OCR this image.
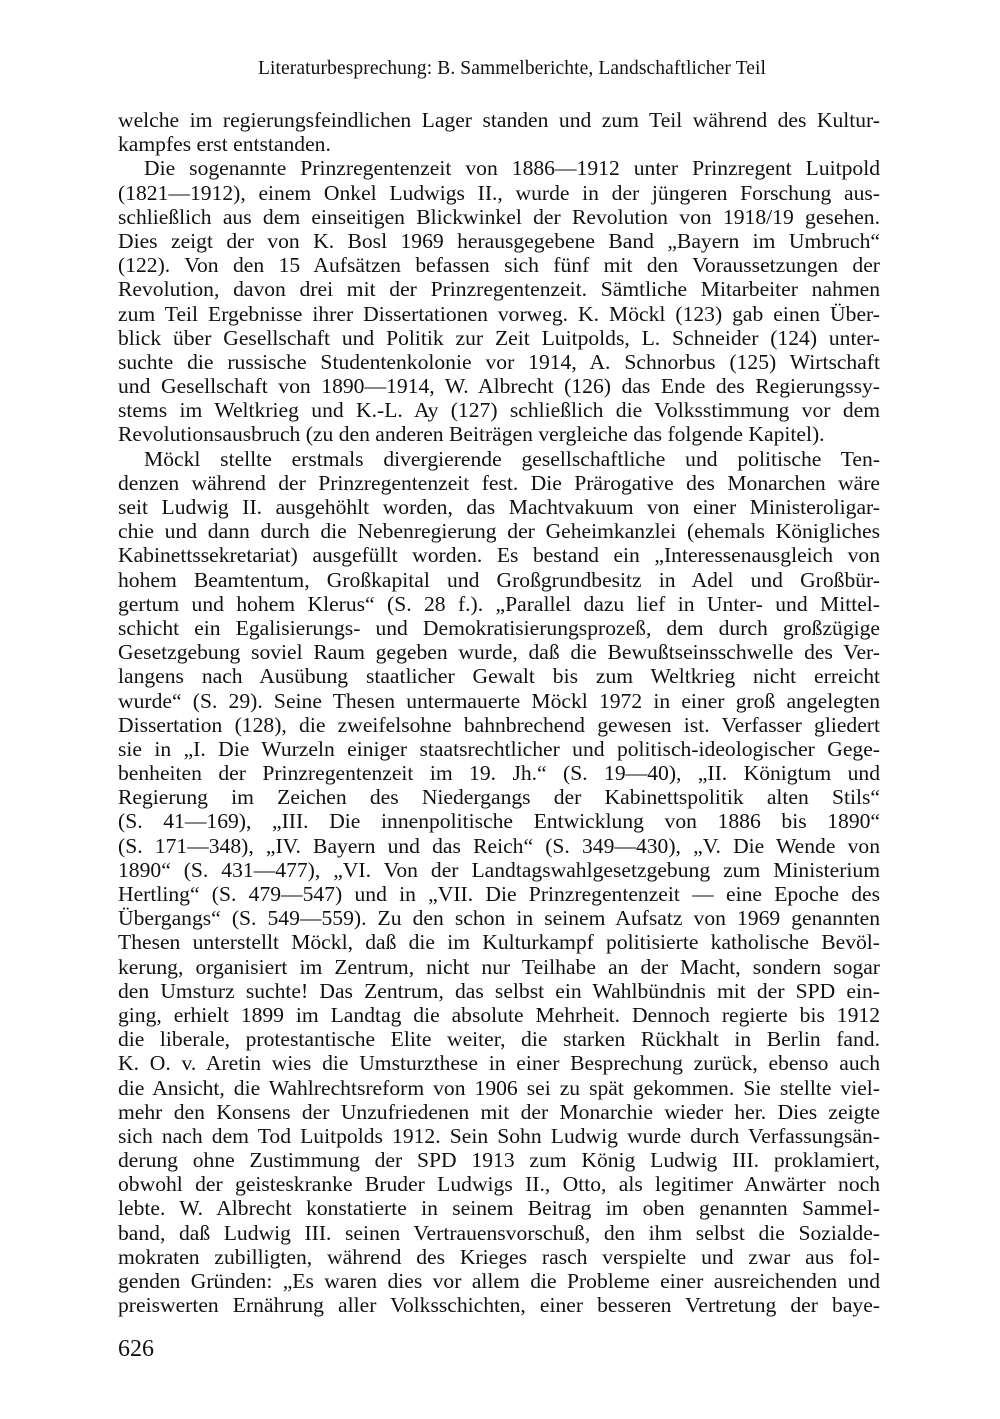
Literaturbesprechung: B. Sammelberichte, Landschaftlicher Teil
welche im regierungsfeindlichen Lager standen und zum Teil während des Kultur-
kampfes erst entstanden.
Die sogenannte Prinzregentenzeit von 1886—1912 unter Prinzregent Luitpold
(1821—1912), einem Onkel Ludwigs II., wurde in der jüngeren Forschung aus-
schließlich aus dem einseitigen Blickwinkel der Revolution von 1918/19 gesehen.
Dies zeigt der von K. Bosl 1969 herausgegebene Band „Bayern im Umbruch“
(122). Von den 15 Aufsätzen befassen sich fünf mit den Voraussetzungen der
Revolution, davon drei mit der Prinzregentenzeit. Sämtliche Mitarbeiter nahmen
zum Teil Ergebnisse ihrer Dissertationen vorweg. K. Möckl (123) gab einen Über-
blick über Gesellschaft und Politik zur Zeit Luitpolds, L. Schneider (124) unter-
suchte die russische Studentenkolonie vor 1914, A. Schnorbus (125) Wirtschaft
und Gesellschaft von 1890—1914, W. Albrecht (126) das Ende des Regierungssy-
stems im Weltkrieg und K.-L. Ay (127) schließlich die Volksstimmung vor dem
Revolutionsausbruch (zu den anderen Beiträgen vergleiche das folgende Kapitel).
Möckl stellte erstmals divergierende gesellschaftliche und politische Ten-
denzen während der Prinzregentenzeit fest. Die Prärogative des Monarchen wäre
seit Ludwig II. ausgehöhlt worden, das Machtvakuum von einer Ministeroligar-
chie und dann durch die Nebenregierung der Geheimkanzlei (ehemals Königliches
Kabinettssekretariat) ausgefüllt worden. Es bestand ein „Interessenausgleich von
hohem Beamtentum, Großkapital und Großgrundbesitz in Adel und Großbür-
gertum und hohem Klerus“ (S. 28 f.). „Parallel dazu lief in Unter- und Mittel-
schicht ein Egalisierungs- und Demokratisierungsprozeß, dem durch großzügige
Gesetzgebung soviel Raum gegeben wurde, daß die Bewußtseinsschwelle des Ver-
langens nach Ausübung staatlicher Gewalt bis zum Weltkrieg nicht erreicht
wurde“ (S. 29). Seine Thesen untermauerte Möckl 1972 in einer groß angelegten
Dissertation (128), die zweifelsohne bahnbrechend gewesen ist. Verfasser gliedert
sie in „I. Die Wurzeln einiger staatsrechtlicher und politisch-ideologischer Gege-
benheiten der Prinzregentenzeit im 19. Jh.“ (S. 19—40), „II. Königtum und
Regierung im Zeichen des Niedergangs der Kabinettspolitik alten Stils“
(S. 41—169), „III. Die innenpolitische Entwicklung von 1886 bis 1890“
(S. 171—348), „IV. Bayern und das Reich“ (S. 349—430), „V. Die Wende von
1890“ (S. 431—477), „VI. Von der Landtagswahlgesetzgebung zum Ministerium
Hertling“ (S. 479—547) und in „VII. Die Prinzregentenzeit — eine Epoche des
Übergangs“ (S. 549—559). Zu den schon in seinem Aufsatz von 1969 genannten
Thesen unterstellt Möckl, daß die im Kulturkampf politisierte katholische Bevöl-
kerung, organisiert im Zentrum, nicht nur Teilhabe an der Macht, sondern sogar
den Umsturz suchte! Das Zentrum, das selbst ein Wahlbündnis mit der SPD ein-
ging, erhielt 1899 im Landtag die absolute Mehrheit. Dennoch regierte bis 1912
die liberale, protestantische Elite weiter, die starken Rückhalt in Berlin fand.
K. O. v. Aretin wies die Umsturzthese in einer Besprechung zurück, ebenso auch
die Ansicht, die Wahlrechtsreform von 1906 sei zu spät gekommen. Sie stellte viel-
mehr den Konsens der Unzufriedenen mit der Monarchie wieder her. Dies zeigte
sich nach dem Tod Luitpolds 1912. Sein Sohn Ludwig wurde durch Verfassungsän-
derung ohne Zustimmung der SPD 1913 zum König Ludwig III. proklamiert,
obwohl der geisteskranke Bruder Ludwigs II., Otto, als legitimer Anwärter noch
lebte. W. Albrecht konstatierte in seinem Beitrag im oben genannten Sammel-
band, daß Ludwig III. seinen Vertrauensvorschuß, den ihm selbst die Sozialde-
mokraten zubilligten, während des Krieges rasch verspielte und zwar aus fol-
genden Gründen: „Es waren dies vor allem die Probleme einer ausreichenden und
preiswerten Ernährung aller Volksschichten, einer besseren Vertretung der baye-
626
